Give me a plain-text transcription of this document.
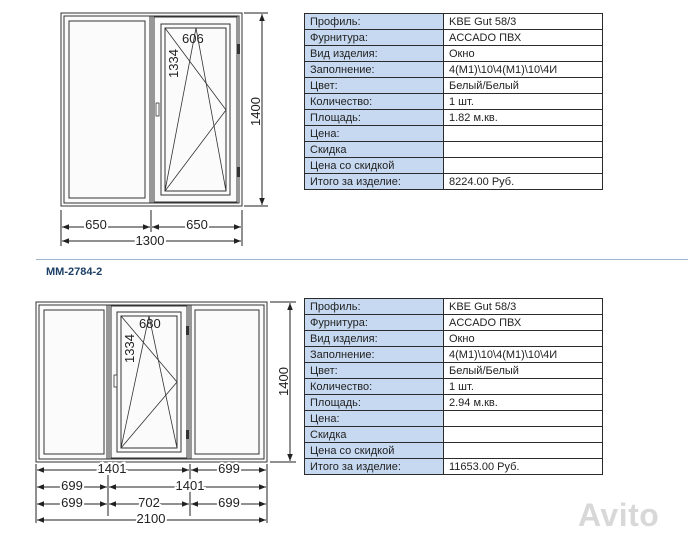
606
1334
1400
650	650
1300
Профиль:	KBE Gut 58/3
Фурнитура:	ACCADO ПВХ
Вид изделия:	Окно
Заполнение:	4(М1)\10\4(М1)\10\4И
Цвет:	Белый/Белый
Количество:	1 шт.
Площадь:	1.82 м.кв.
Цена:	
Скидка	
Цена со скидкой	
Итого за изделие:	8224.00 Руб.
MM-2784-2
680
1334
1400
1401	699
699	1401
699	702	699
2100
Профиль:	KBE Gut 58/3
Фурнитура:	ACCADO ПВХ
Вид изделия:	Окно
Заполнение:	4(М1)\10\4(М1)\10\4И
Цвет:	Белый/Белый
Количество:	1 шт.
Площадь:	2.94 м.кв.
Цена:	
Скидка	
Цена со скидкой	
Итого за изделие:	11653.00 Руб.
Avito
